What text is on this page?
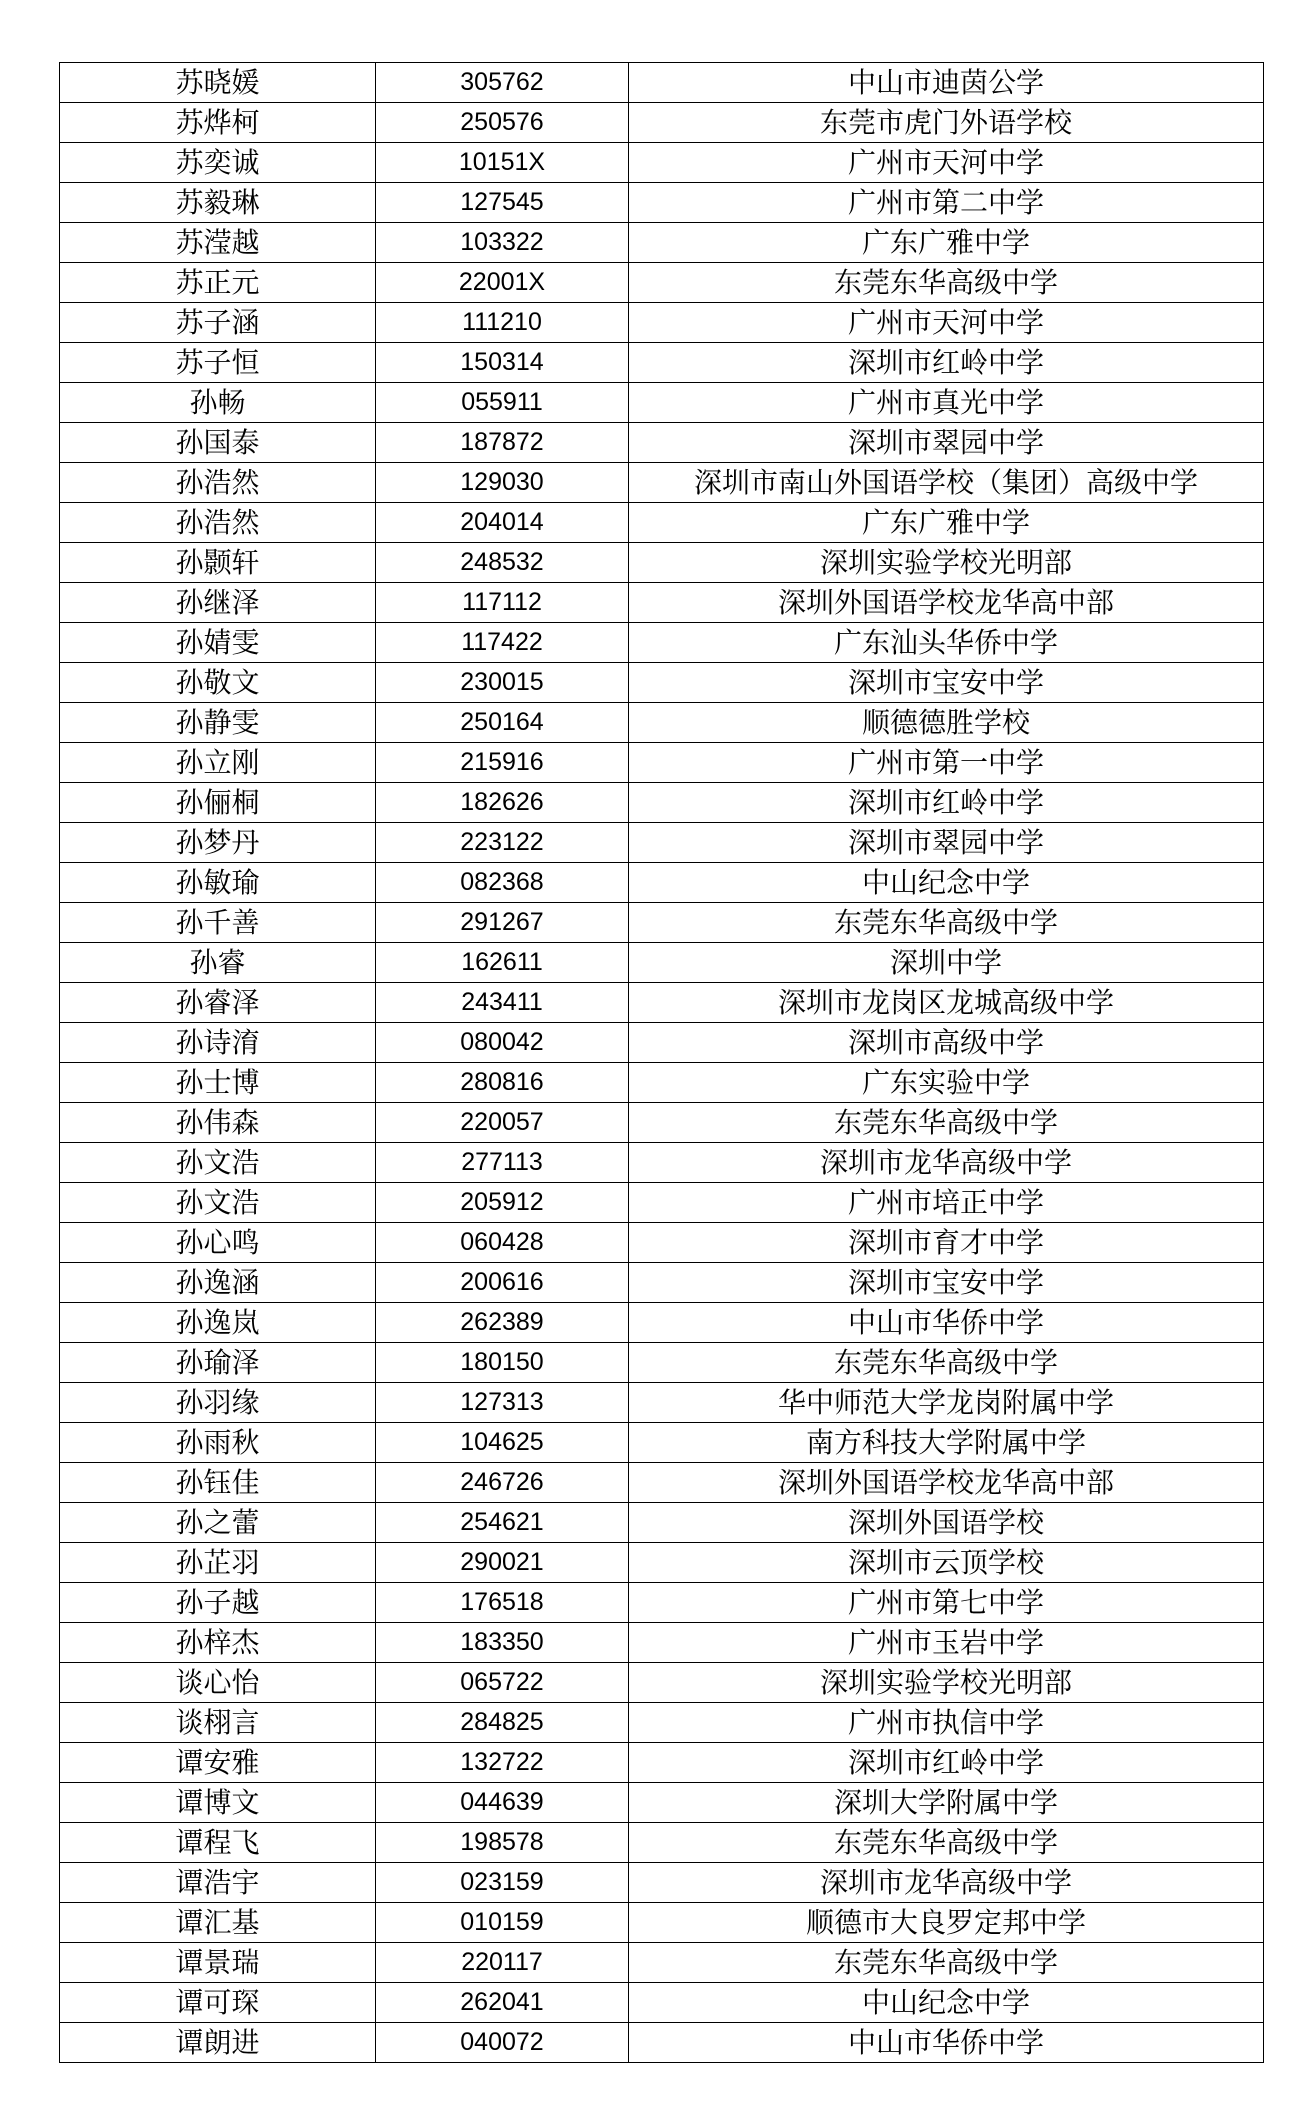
苏晓媛	305762	中山市迪茵公学
苏烨柯	250576	东莞市虎门外语学校
苏奕诚	10151X	广州市天河中学
苏毅琳	127545	广州市第二中学
苏滢越	103322	广东广雅中学
苏正元	22001X	东莞东华高级中学
苏子涵	111210	广州市天河中学
苏子恒	150314	深圳市红岭中学
孙畅	055911	广州市真光中学
孙国泰	187872	深圳市翠园中学
孙浩然	129030	深圳市南山外国语学校（集团）高级中学
孙浩然	204014	广东广雅中学
孙颢轩	248532	深圳实验学校光明部
孙继泽	117112	深圳外国语学校龙华高中部
孙婧雯	117422	广东汕头华侨中学
孙敬文	230015	深圳市宝安中学
孙静雯	250164	顺德德胜学校
孙立刚	215916	广州市第一中学
孙俪桐	182626	深圳市红岭中学
孙梦丹	223122	深圳市翠园中学
孙敏瑜	082368	中山纪念中学
孙千善	291267	东莞东华高级中学
孙睿	162611	深圳中学
孙睿泽	243411	深圳市龙岗区龙城高级中学
孙诗淯	080042	深圳市高级中学
孙士博	280816	广东实验中学
孙伟森	220057	东莞东华高级中学
孙文浩	277113	深圳市龙华高级中学
孙文浩	205912	广州市培正中学
孙心鸣	060428	深圳市育才中学
孙逸涵	200616	深圳市宝安中学
孙逸岚	262389	中山市华侨中学
孙瑜泽	180150	东莞东华高级中学
孙羽缘	127313	华中师范大学龙岗附属中学
孙雨秋	104625	南方科技大学附属中学
孙钰佳	246726	深圳外国语学校龙华高中部
孙之蕾	254621	深圳外国语学校
孙芷羽	290021	深圳市云顶学校
孙子越	176518	广州市第七中学
孙梓杰	183350	广州市玉岩中学
谈心怡	065722	深圳实验学校光明部
谈栩言	284825	广州市执信中学
谭安雅	132722	深圳市红岭中学
谭博文	044639	深圳大学附属中学
谭程飞	198578	东莞东华高级中学
谭浩宇	023159	深圳市龙华高级中学
谭汇基	010159	顺德市大良罗定邦中学
谭景瑞	220117	东莞东华高级中学
谭可琛	262041	中山纪念中学
谭朗进	040072	中山市华侨中学
